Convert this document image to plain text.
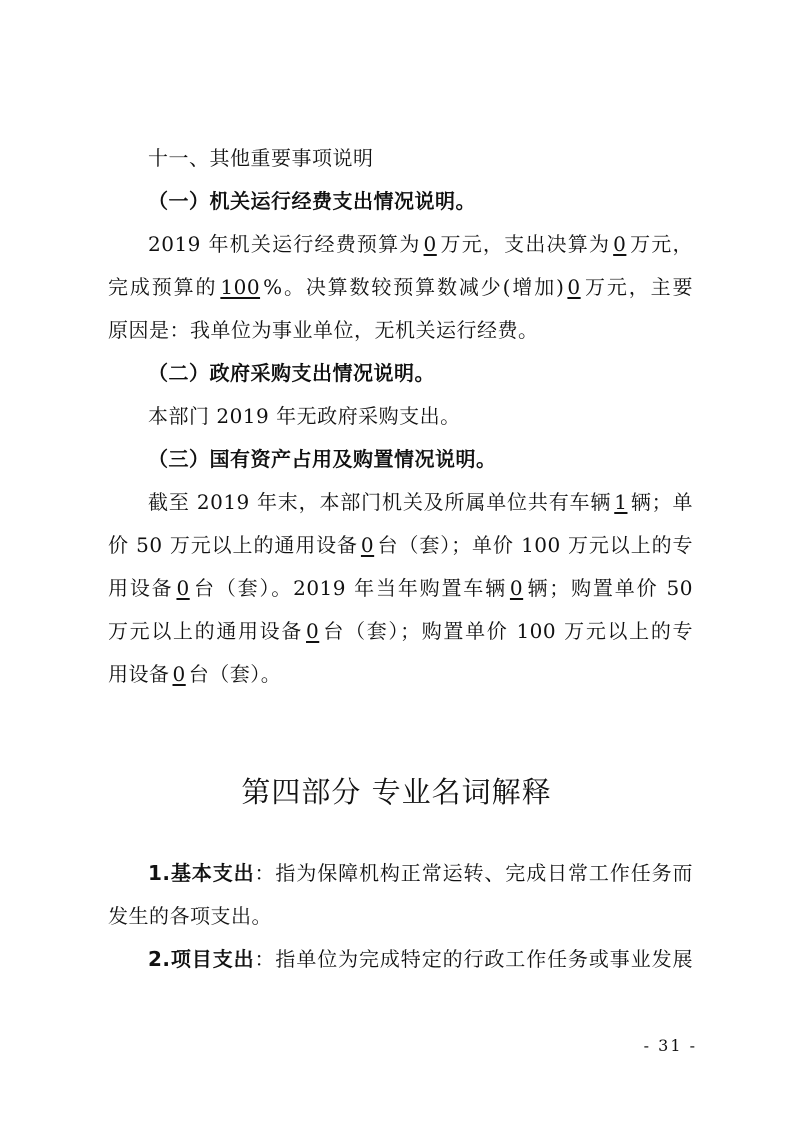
十一、其他重要事项说明
（一）机关运行经费支出情况说明。
2019 年机关运行经费预算为 0 万元，支出决算为 0 万元，
完成预算的 100 %。决算数较预算数减少(增加) 0 万元，主要
原因是：我单位为事业单位，无机关运行经费。
（二）政府采购支出情况说明。
本部门 2019 年无政府采购支出。
（三）国有资产占用及购置情况说明。
截至 2019 年末，本部门机关及所属单位共有车辆 1 辆；单
价 50 万元以上的通用设备 0 台（套）；单价 100 万元以上的专
用设备 0 台（套）。2019 年当年购置车辆 0 辆；购置单价 50
万元以上的通用设备 0 台（套）；购置单价 100 万元以上的专
用设备 0 台（套）。
第四部分 专业名词解释
1.基本支出：指为保障机构正常运转、完成日常工作任务而
发生的各项支出。
2.项目支出：指单位为完成特定的行政工作任务或事业发展
- 31 -
